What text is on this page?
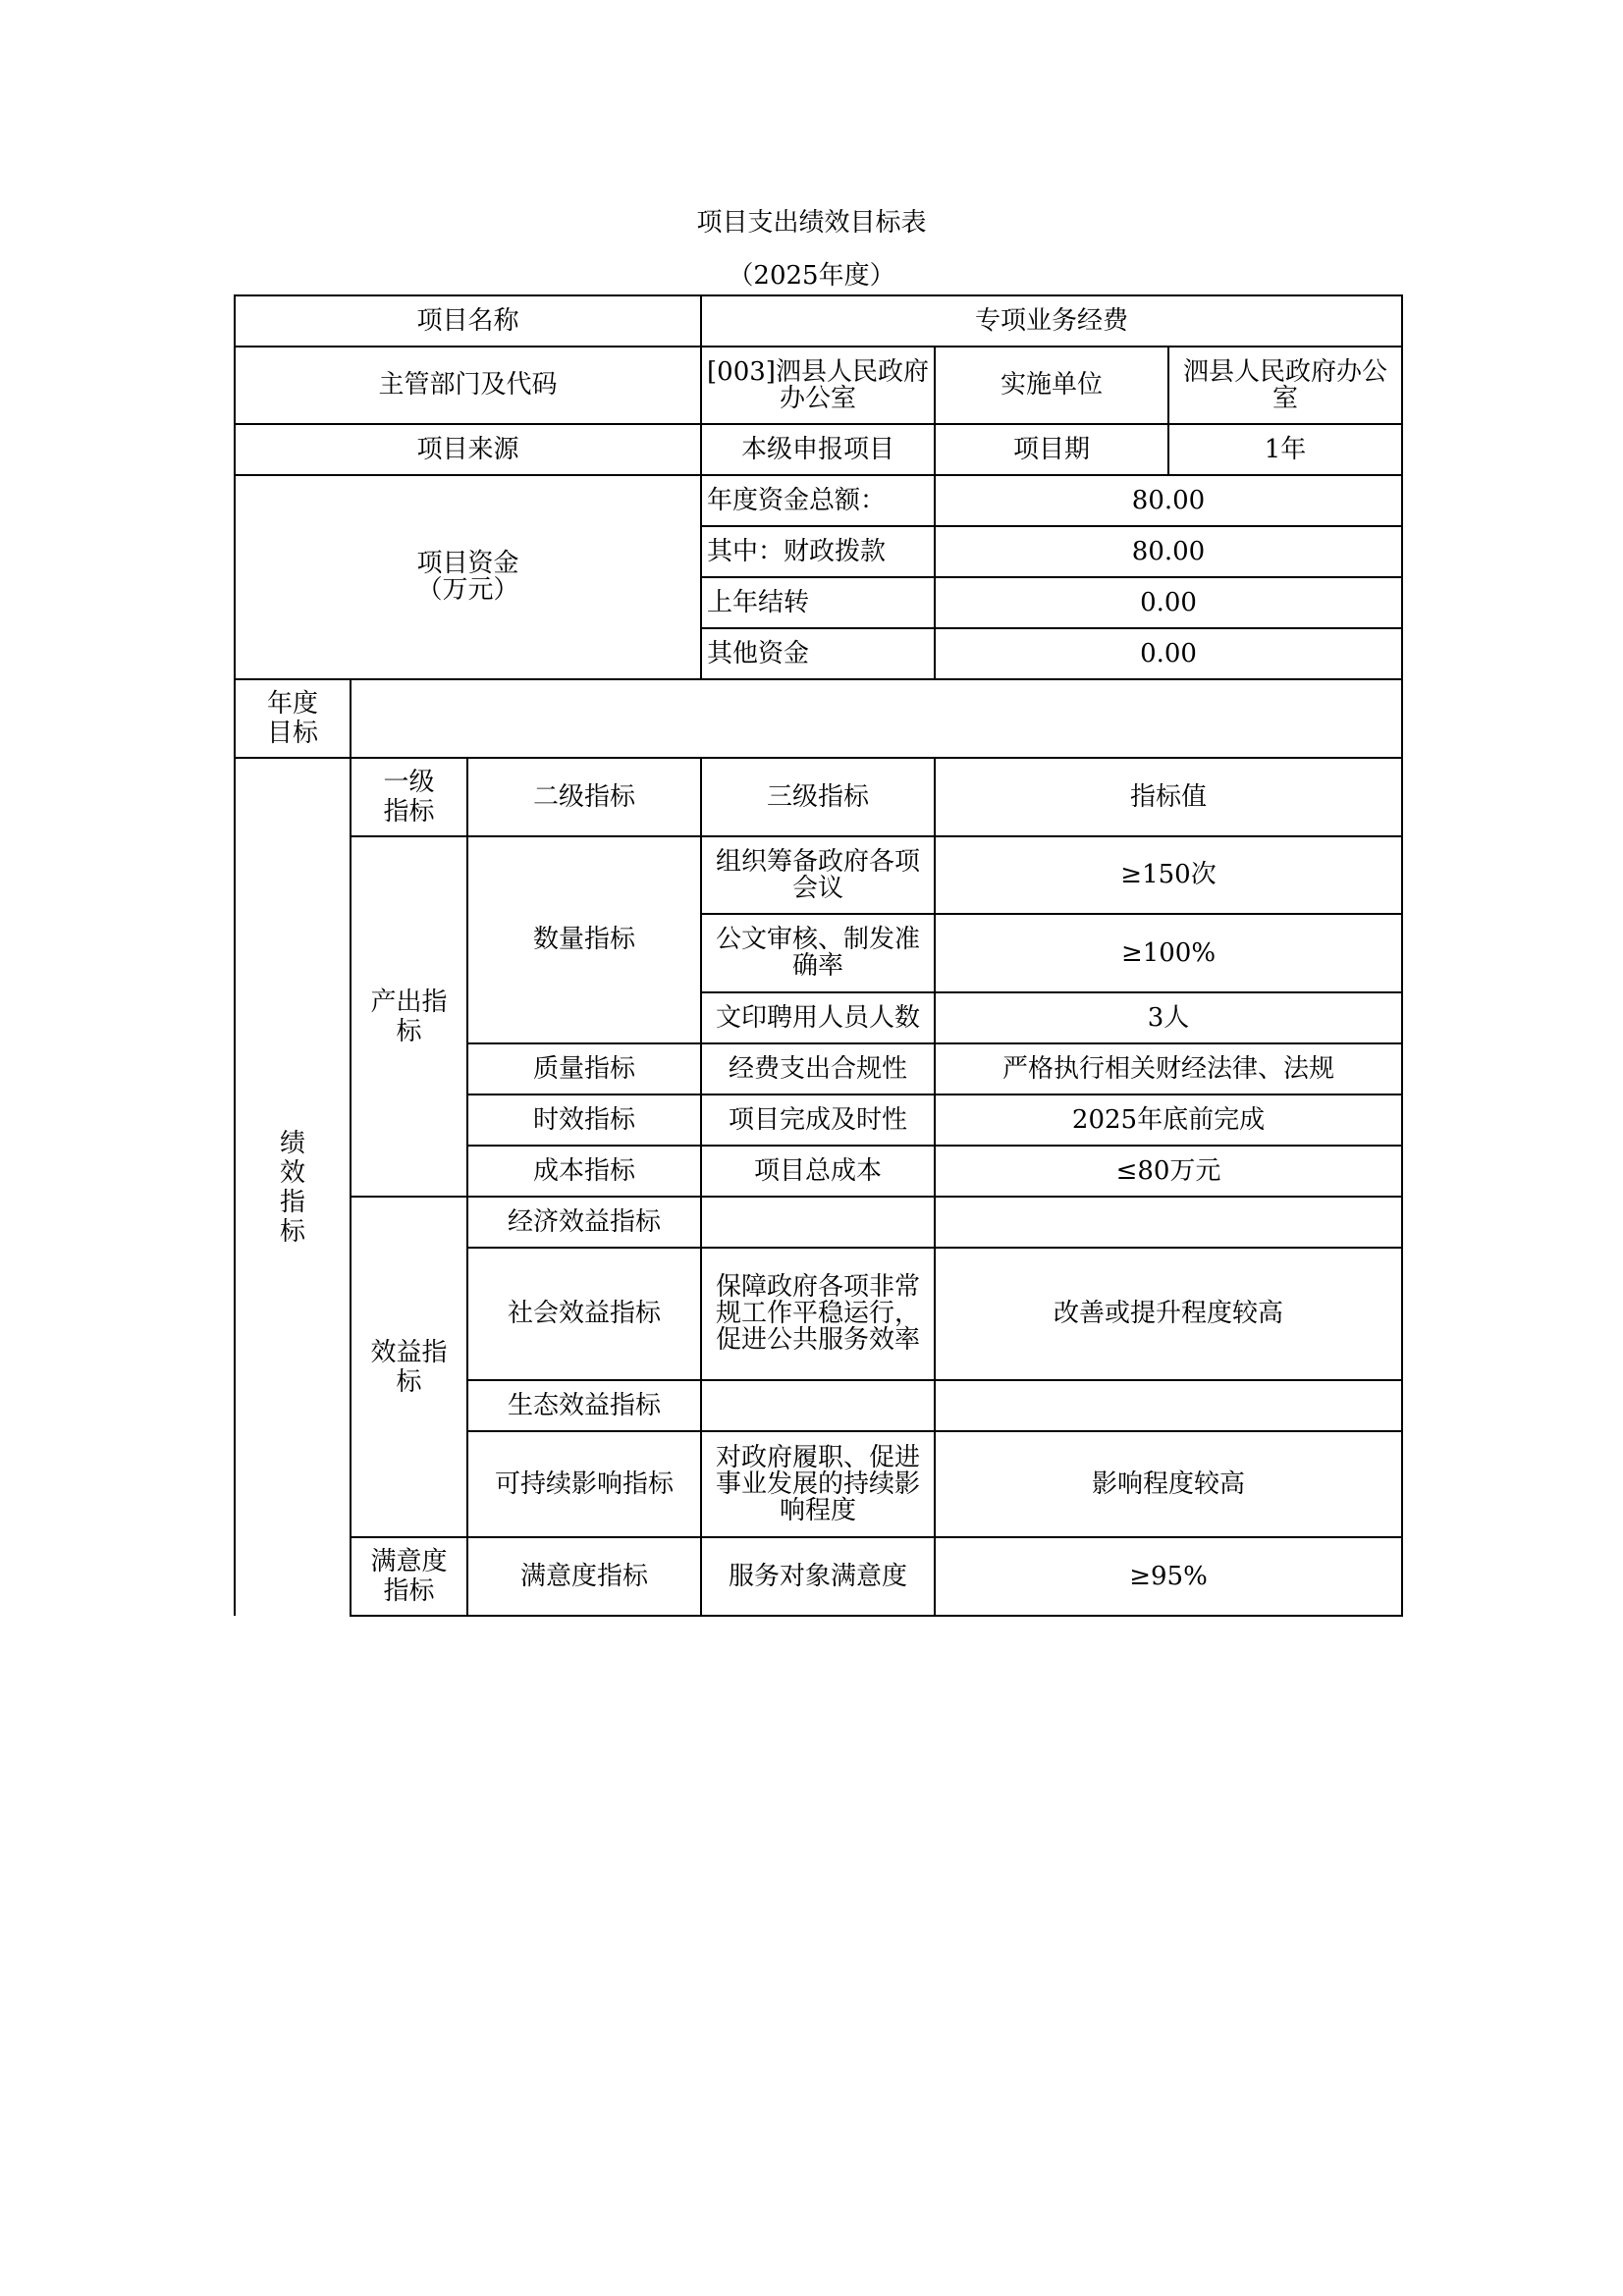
项目支出绩效目标表
（2025年度）
项目名称			专项业务经费		
主管部门及代码			[003]泗县人民政府办公室	实施单位	泗县人民政府办公室
项目来源			本级申报项目	项目期	1年

项目资金
（万元）			年度资金总额：	80.00	
			其中：财政拨款	80.00	
			上年结转	0.00	
			其他资金	0.00	
年度目标					
绩效指标	一级指标	二级指标	三级指标	指标值	
	产出指标	数量指标	组织筹备政府各项会议	≥150次	
			公文审核、制发准确率	≥100%	
			文印聘用人员人数	3人	
		质量指标	经费支出合规性	严格执行相关财经法律、法规	
		时效指标	项目完成及时性	2025年底前完成	
		成本指标	项目总成本	≤80万元	
	效益指标	经济效益指标			
		社会效益指标	保障政府各项非常规工作平稳运行，促进公共服务效率	改善或提升程度较高	
		生态效益指标			
		可持续影响指标	对政府履职、促进事业发展的持续影响程度	影响程度较高	
	满意度指标	满意度指标	服务对象满意度	≥95%	
